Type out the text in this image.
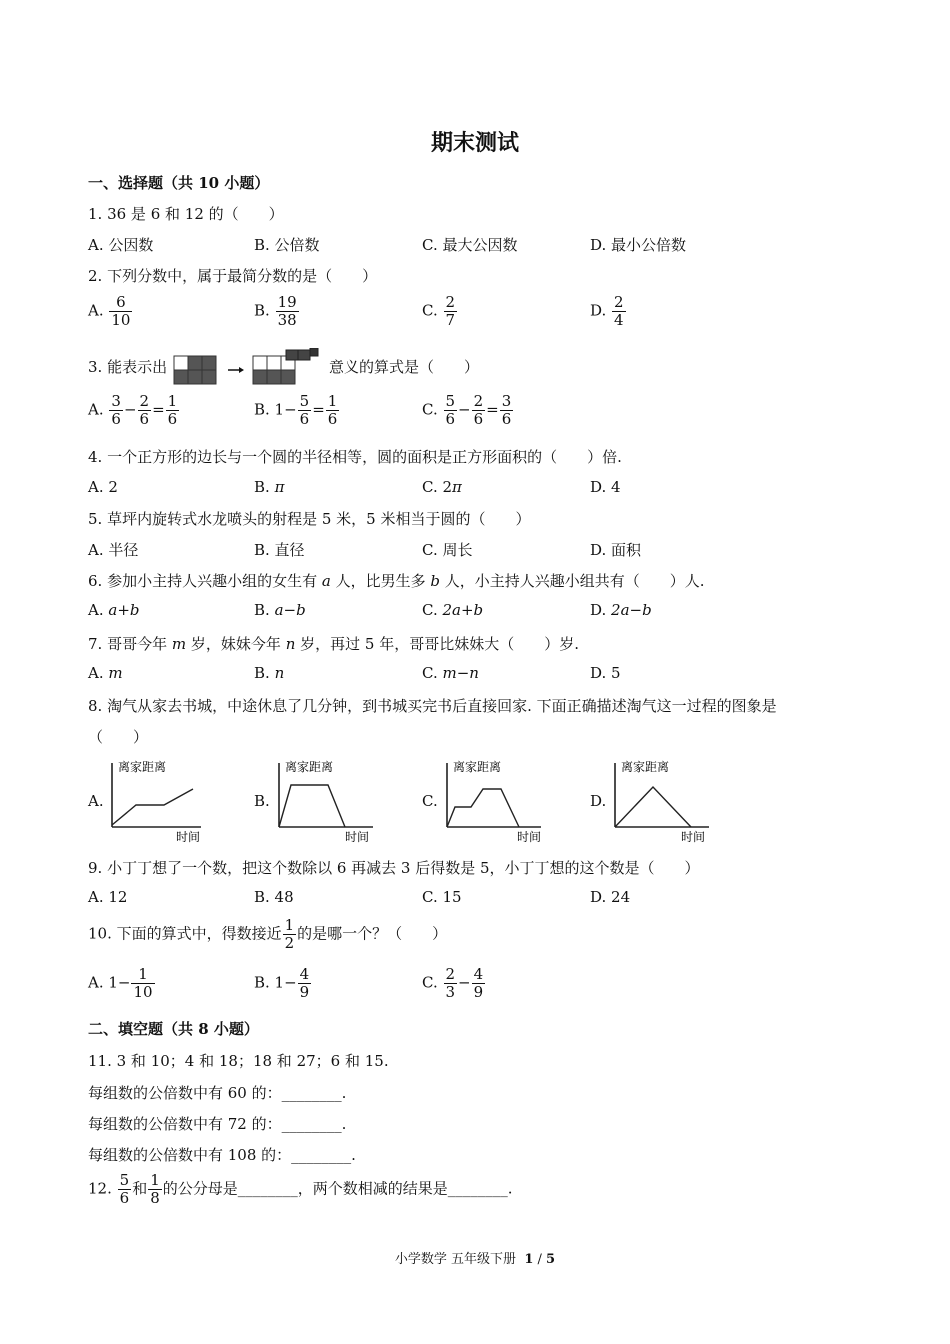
期末测试
一、选择题（共 10 小题）
1. 36 是 6 和 12 的（　　）
A. 公因数	B. 公倍数	C. 最大公因数	D. 最小公倍数
2. 下列分数中，属于最简分数的是（　　）
A. $\frac{6}{10}$	B. $\frac{19}{38}$	C. $\frac{2}{7}$	D. $\frac{2}{4}$
3. 能表示出	意义的算式是（　　）
A. $\frac{3}{6} - \frac{2}{6} = \frac{1}{6}$	B. $1- \frac{5}{6} = \frac{1}{6}$	C. $\frac{5}{6} - \frac{2}{6} = \frac{3}{6}$
4. 一个正方形的边长与一个圆的半径相等，圆的面积是正方形面积的（　　）倍.
A. 2	B. π	C. 2π	D. 4
5. 草坪内旋转式水龙喷头的射程是 5 米，5 米相当于圆的（　　）
A. 半径	B. 直径	C. 周长	D. 面积
6. 参加小主持人兴趣小组的女生有 a 人，比男生多 b 人，小主持人兴趣小组共有（　　）人.
A. a+b	B. a−b	C. 2a+b	D. 2a−b
7. 哥哥今年 m 岁，妹妹今年 n 岁，再过 5 年，哥哥比妹妹大（　　）岁.
A. m	B. n	C. m−n	D. 5
8. 淘气从家去书城，中途休息了几分钟，到书城买完书后直接回家. 下面正确描述淘气这一过程的图象是
（　　）
A.
离家距离
时间
B.
离家距离
时间
C.
离家距离
时间
D.
离家距离
时间
9. 小丁丁想了一个数，把这个数除以 6 再减去 3 后得数是 5，小丁丁想的这个数是（　　）
A. 12	B. 48	C. 15	D. 24
10. 下面的算式中，得数接近 $\frac{1}{2}$ 的是哪一个？（　　）
A. $1- \frac{1}{10}$	B. $1- \frac{4}{9}$	C. $\frac{2}{3} - \frac{4}{9}$
二、填空题（共 8 小题）
11. 3 和 10；4 和 18；18 和 27；6 和 15.
每组数的公倍数中有 60 的：________.
每组数的公倍数中有 72 的：________.
每组数的公倍数中有 108 的：________.
12. $\frac{5}{6}$ 和 $\frac{1}{8}$ 的公分母是________，两个数相减的结果是________.
小学数学 五年级下册 1 / 5
